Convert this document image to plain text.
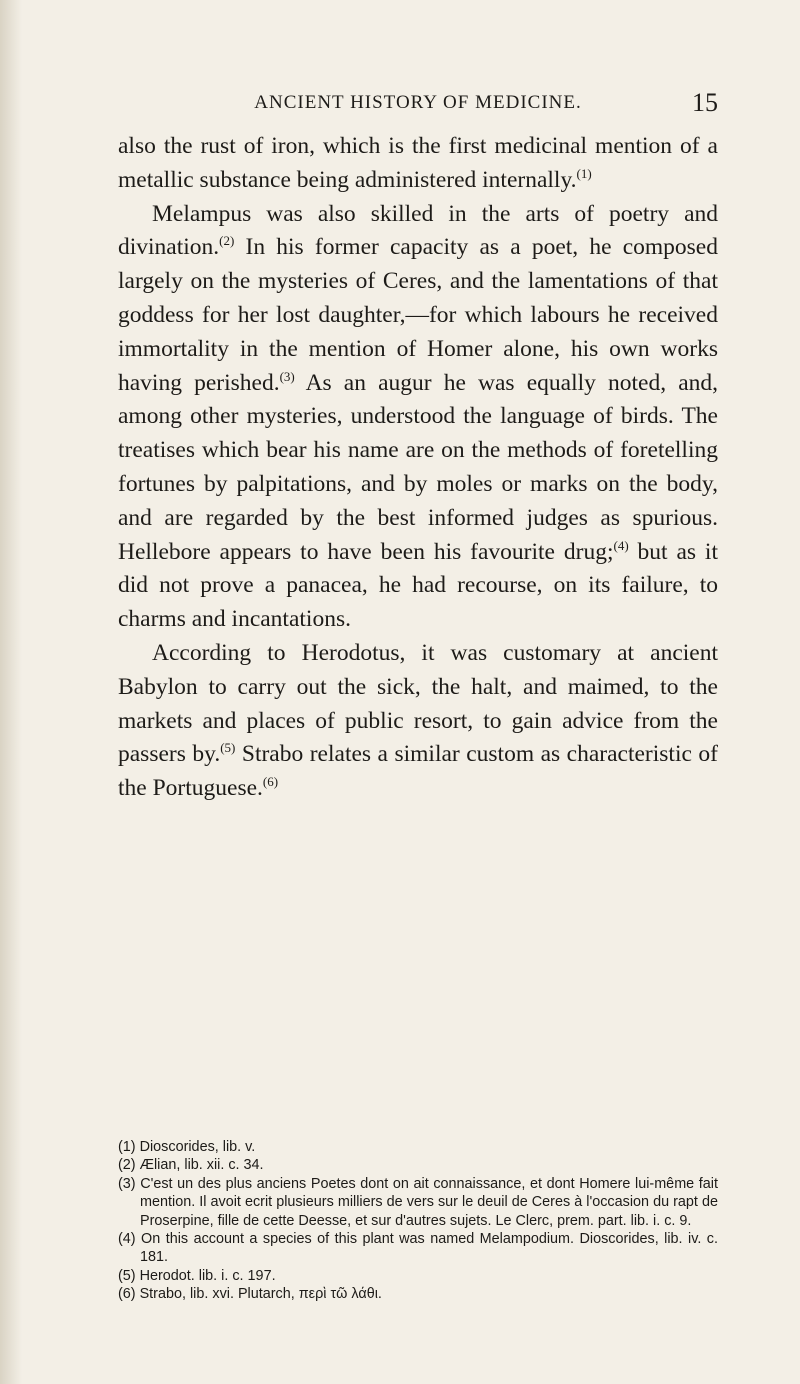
ANCIENT HISTORY OF MEDICINE.	15

also the rust of iron, which is the first medicinal mention of a metallic substance being administered internally.$^{(1)}$

Melampus was also skilled in the arts of poetry and divination.$^{(2)}$ In his former capacity as a poet, he composed largely on the mysteries of Ceres, and the lamentations of that goddess for her lost daughter,—for which labours he received immortality in the mention of Homer alone, his own works having perished.$^{(3)}$ As an augur he was equally noted, and, among other mysteries, understood the language of birds. The treatises which bear his name are on the methods of foretelling fortunes by palpitations, and by moles or marks on the body, and are regarded by the best informed judges as spurious. Hellebore appears to have been his favourite drug;$^{(4)}$ but as it did not prove a panacea, he had recourse, on its failure, to charms and incantations.

According to Herodotus, it was customary at ancient Babylon to carry out the sick, the halt, and maimed, to the markets and places of public resort, to gain advice from the passers by.$^{(5)}$ Strabo relates a similar custom as characteristic of the Portuguese.$^{(6)}$

(1) Dioscorides, lib. v.

(2) Ælian, lib. xii. c. 34.

(3) C'est un des plus anciens Poetes dont on ait connaissance, et dont Homere lui-même fait mention. Il avoit ecrit plusieurs milliers de vers sur le deuil de Ceres à l'occasion du rapt de Proserpine, fille de cette Deesse, et sur d'autres sujets. Le Clerc, prem. part. lib. i. c. 9.

(4) On this account a species of this plant was named Melampodium. Dioscorides, lib. iv. c. 181.

(5) Herodot. lib. i. c. 197.

(6) Strabo, lib. xvi. Plutarch, περὶ τῶ λάθι.
